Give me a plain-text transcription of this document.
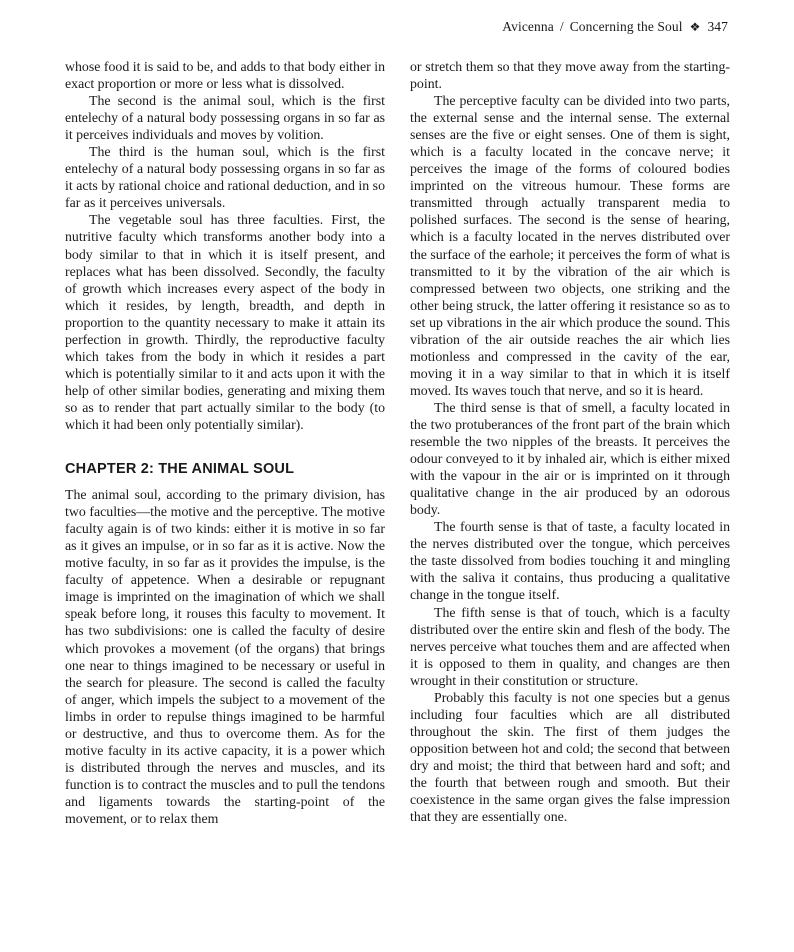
Avicenna / Concerning the Soul ❖ 347

whose food it is said to be, and adds to that body either in exact proportion or more or less what is dissolved.

The second is the animal soul, which is the first entelechy of a natural body possessing organs in so far as it perceives individuals and moves by volition.

The third is the human soul, which is the first entelechy of a natural body possessing organs in so far as it acts by rational choice and rational deduction, and in so far as it perceives universals.

The vegetable soul has three faculties. First, the nutritive faculty which transforms another body into a body similar to that in which it is itself present, and replaces what has been dissolved. Secondly, the faculty of growth which increases every aspect of the body in which it resides, by length, breadth, and depth in proportion to the quantity necessary to make it attain its perfection in growth. Thirdly, the reproductive faculty which takes from the body in which it resides a part which is potentially similar to it and acts upon it with the help of other similar bodies, generating and mixing them so as to render that part actually similar to the body (to which it had been only potentially similar).

CHAPTER 2: THE ANIMAL SOUL

The animal soul, according to the primary division, has two faculties—the motive and the perceptive. The motive faculty again is of two kinds: either it is motive in so far as it gives an impulse, or in so far as it is active. Now the motive faculty, in so far as it provides the impulse, is the faculty of appetence. When a desirable or repugnant image is imprinted on the imagination of which we shall speak before long, it rouses this faculty to movement. It has two subdivisions: one is called the faculty of desire which provokes a movement (of the organs) that brings one near to things imagined to be necessary or useful in the search for pleasure. The second is called the faculty of anger, which impels the subject to a movement of the limbs in order to repulse things imagined to be harmful or destructive, and thus to overcome them. As for the motive faculty in its active capacity, it is a power which is distributed through the nerves and muscles, and its function is to contract the muscles and to pull the tendons and ligaments towards the starting-point of the movement, or to relax them

or stretch them so that they move away from the starting-point.

The perceptive faculty can be divided into two parts, the external sense and the internal sense. The external senses are the five or eight senses. One of them is sight, which is a faculty located in the concave nerve; it perceives the image of the forms of coloured bodies imprinted on the vitreous humour. These forms are transmitted through actually transparent media to polished surfaces. The second is the sense of hearing, which is a faculty located in the nerves distributed over the surface of the earhole; it perceives the form of what is transmitted to it by the vibration of the air which is compressed between two objects, one striking and the other being struck, the latter offering it resistance so as to set up vibrations in the air which produce the sound. This vibration of the air outside reaches the air which lies motionless and compressed in the cavity of the ear, moving it in a way similar to that in which it is itself moved. Its waves touch that nerve, and so it is heard.

The third sense is that of smell, a faculty located in the two protuberances of the front part of the brain which resemble the two nipples of the breasts. It perceives the odour conveyed to it by inhaled air, which is either mixed with the vapour in the air or is imprinted on it through qualitative change in the air produced by an odorous body.

The fourth sense is that of taste, a faculty located in the nerves distributed over the tongue, which perceives the taste dissolved from bodies touching it and mingling with the saliva it contains, thus producing a qualitative change in the tongue itself.

The fifth sense is that of touch, which is a faculty distributed over the entire skin and flesh of the body. The nerves perceive what touches them and are affected when it is opposed to them in quality, and changes are then wrought in their constitution or structure.

Probably this faculty is not one species but a genus including four faculties which are all distributed throughout the skin. The first of them judges the opposition between hot and cold; the second that between dry and moist; the third that between hard and soft; and the fourth that between rough and smooth. But their coexistence in the same organ gives the false impression that they are essentially one.
